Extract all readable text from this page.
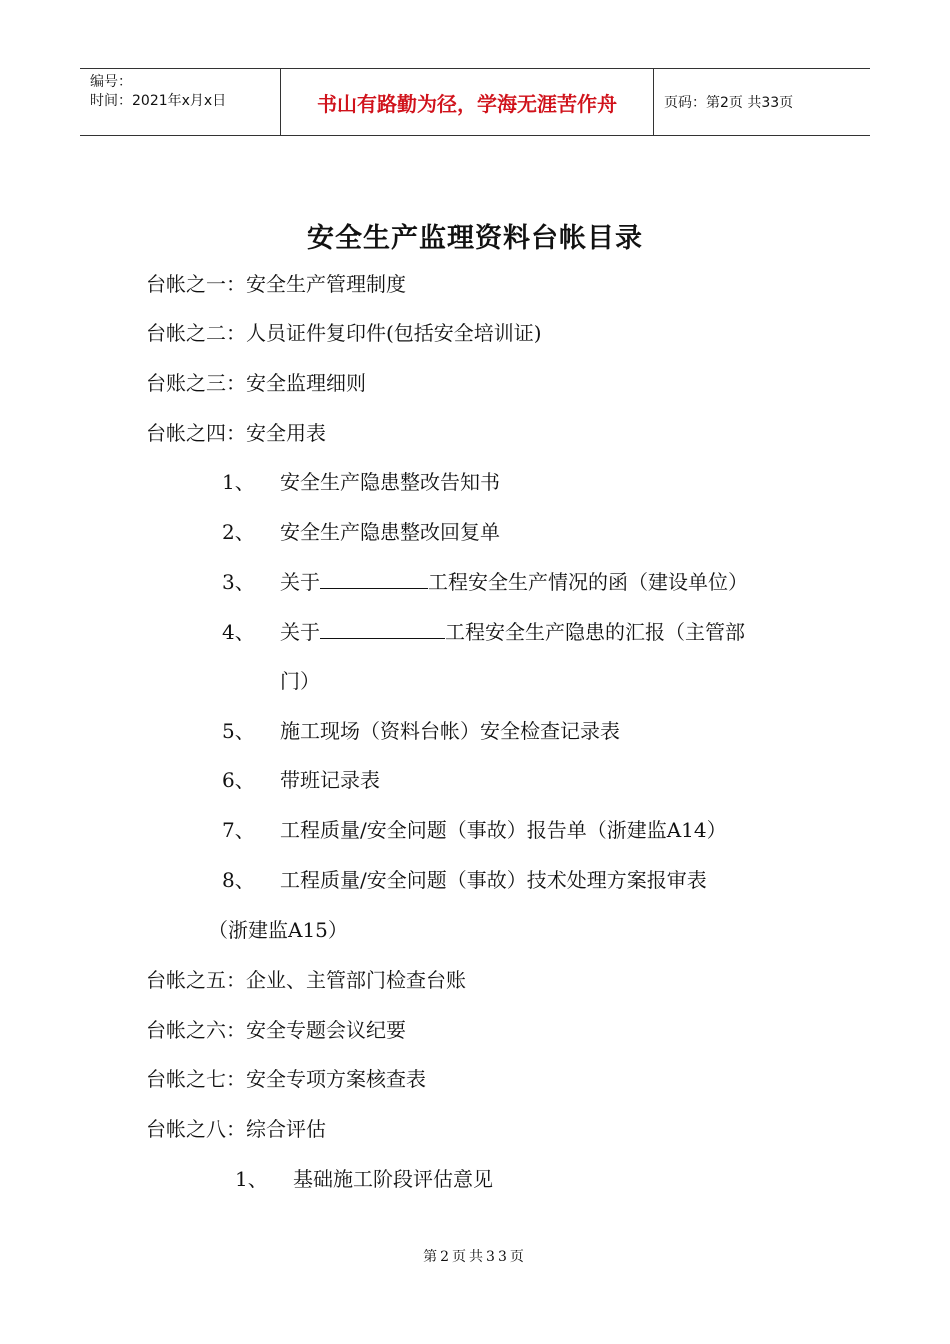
编号：
时间：2021年x月x日	书山有路勤为径，学海无涯苦作舟	页码：第2页 共33页
安全生产监理资料台帐目录
台帐之一：安全生产管理制度
台帐之二：人员证件复印件(包括安全培训证)
台账之三：安全监理细则
台帐之四：安全用表
1、 安全生产隐患整改告知书
2、 安全生产隐患整改回复单
3、 关于	工程安全生产情况的函（建设单位）
4、 关于	工程安全生产隐患的汇报（主管部
门）
5、 施工现场（资料台帐）安全检查记录表
6、 带班记录表
7、 工程质量/安全问题（事故）报告单（浙建监A14）
8、 工程质量/安全问题（事故）技术处理方案报审表
（浙建监A15）
台帐之五：企业、主管部门检查台账
台帐之六：安全专题会议纪要
台帐之七：安全专项方案核查表
台帐之八：综合评估
1、 基础施工阶段评估意见
第2页共33页
